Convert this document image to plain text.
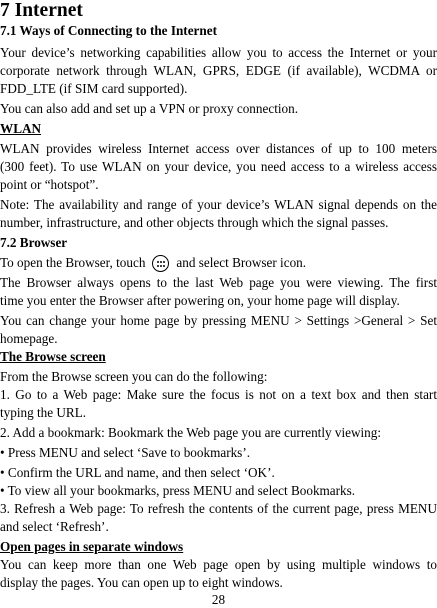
7 Internet

7.1 Ways of Connecting to the Internet

Your device’s networking capabilities allow you to access the Internet or your

corporate network through WLAN, GPRS, EDGE (if available), WCDMA or

FDD_LTE (if SIM card supported).

You can also add and set up a VPN or proxy connection.

WLAN

WLAN provides wireless Internet access over distances of up to 100 meters

(300 feet). To use WLAN on your device, you need access to a wireless access

point or “hotspot”.

Note: The availability and range of your device’s WLAN signal depends on the

number, infrastructure, and other objects through which the signal passes.

7.2 Browser

To open the Browser, touch and select Browser icon.

The Browser always opens to the last Web page you were viewing. The first

time you enter the Browser after powering on, your home page will display.

You can change your home page by pressing MENU > Settings >General > Set

homepage.

The Browse screen

From the Browse screen you can do the following:

1. Go to a Web page: Make sure the focus is not on a text box and then start

typing the URL.

2. Add a bookmark: Bookmark the Web page you are currently viewing:

• Press MENU and select ‘Save to bookmarks’.

• Confirm the URL and name, and then select ‘OK’.

• To view all your bookmarks, press MENU and select Bookmarks.

3. Refresh a Web page: To refresh the contents of the current page, press MENU

and select ‘Refresh’.

Open pages in separate windows

You can keep more than one Web page open by using multiple windows to

display the pages. You can open up to eight windows.

28
